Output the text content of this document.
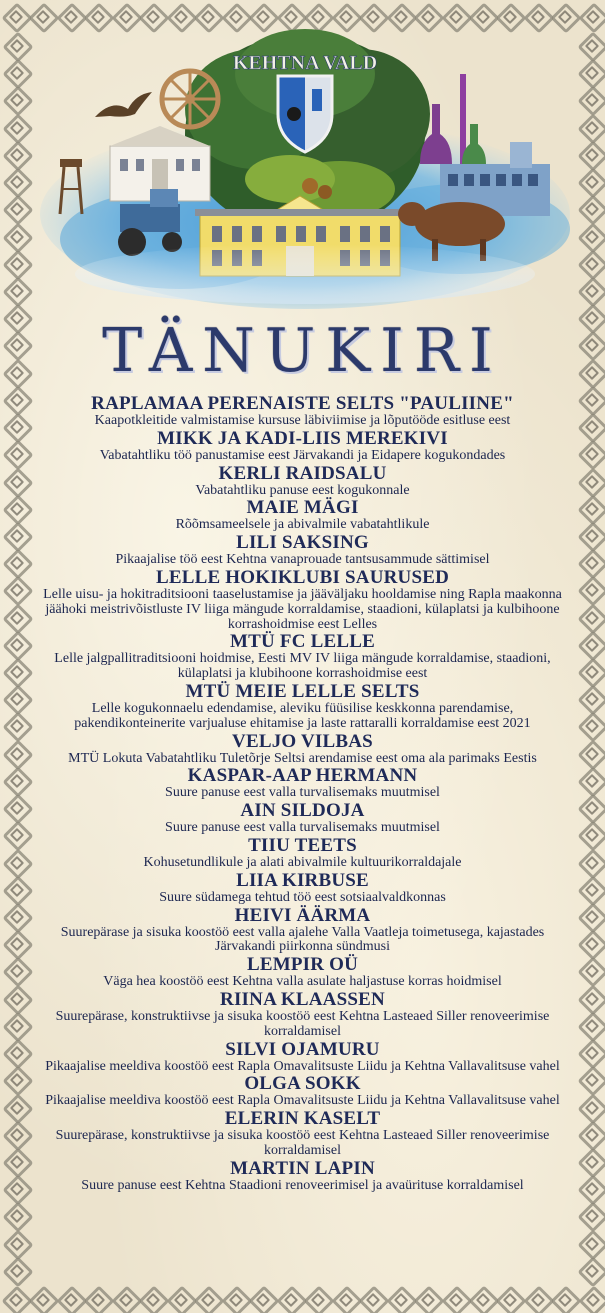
KEHTNA VALD
TÄNUKIRI
RAPLAMAA PERENAISTE SELTS "PAULIINE"
Kaapotkleitide valmistamise kursuse läbiviimise ja lõputööde esitluse eest
MIKK JA KADI-LIIS MEREKIVI
Vabatahtliku töö panustamise eest Järvakandi ja Eidapere kogukondades
KERLI RAIDSALU
Vabatahtliku panuse eest kogukonnale
MAIE MÄGI
Rõõmsameelsele ja abivalmile vabatahtlikule
LILI SAKSING
Pikaajalise töö eest Kehtna vanaprouade tantsusammude sättimisel
LELLE HOKIKLUBI SAURUSED
Lelle uisu- ja hokitraditsiooni taaselustamise ja jääväljaku hooldamise ning Rapla maakonna jäähoki meistrivõistluste IV liiga mängude korraldamise, staadioni, külaplatsi ja kulbihoone korrashoidmise eest Lelles
MTÜ FC LELLE
Lelle jalgpallitraditsiooni hoidmise, Eesti MV IV liiga mängude korraldamise, staadioni, külaplatsi ja klubihoone korrashoidmise eest
MTÜ MEIE LELLE SELTS
Lelle kogukonnaelu edendamise, aleviku füüsilise keskkonna parendamise, pakendikonteinerite varjualuse ehitamise ja laste rattaralli korraldamise eest 2021
VELJO VILBAS
MTÜ Lokuta Vabatahtliku Tuletõrje Seltsi arendamise eest oma ala parimaks Eestis
KASPAR-AAP HERMANN
Suure panuse eest valla turvalisemaks muutmisel
AIN SILDOJA
Suure panuse eest valla turvalisemaks muutmisel
TIIU TEETS
Kohusetundlikule ja alati abivalmile kultuurikorraldajale
LIIA KIRBUSE
Suure südamega tehtud töö eest sotsiaalvaldkonnas
HEIVI ÄÄRMA
Suurepärase ja sisuka koostöö eest valla ajalehe Valla Vaatleja toimetusega, kajastades Järvakandi piirkonna sündmusi
LEMPIR OÜ
Väga hea koostöö eest Kehtna valla asulate haljastuse korras hoidmisel
RIINA KLAASSEN
Suurepärase, konstruktiivse ja sisuka koostöö eest Kehtna Lasteaed Siller renoveerimise korraldamisel
SILVI OJAMURU
Pikaajalise meeldiva koostöö eest Rapla Omavalitsuste Liidu ja Kehtna Vallavalitsuse vahel
OLGA SOKK
Pikaajalise meeldiva koostöö eest Rapla Omavalitsuste Liidu ja Kehtna Vallavalitsuse vahel
ELERIN KASELT
Suurepärase, konstruktiivse ja sisuka koostöö eest Kehtna Lasteaed Siller renoveerimise korraldamisel
MARTIN LAPIN
Suure panuse eest Kehtna Staadioni renoveerimisel ja avaürituse korraldamisel
